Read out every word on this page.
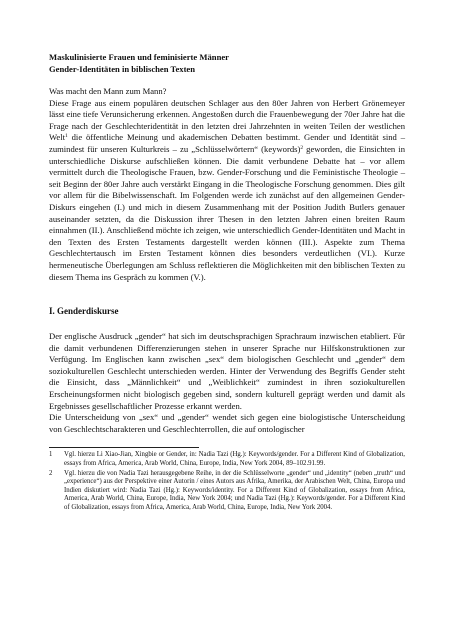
Maskulinisierte Frauen und feminisierte Männer

Gender-Identitäten in biblischen Texten

Was macht den Mann zum Mann?

Diese Frage aus einem populären deutschen Schlager aus den 80er Jahren von Herbert Grönemeyer lässt eine tiefe Verunsicherung erkennen. Angestoßen durch die Frauenbewegung der 70er Jahre hat die Frage nach der Geschlechteridentität in den letzten drei Jahrzehnten in weiten Teilen der westlichen Welt$^1$ die öffentliche Meinung und akademischen Debatten bestimmt. Gender und Identität sind – zumindest für unseren Kulturkreis – zu „Schlüsselwörtern“ (keywords)$^2$ geworden, die Einsichten in unterschiedliche Diskurse aufschließen können. Die damit verbundene Debatte hat – vor allem vermittelt durch die Theologische Frauen, bzw. Gender-Forschung und die Feministische Theologie – seit Beginn der 80er Jahre auch verstärkt Eingang in die Theologische Forschung genommen. Dies gilt vor allem für die Bibelwissenschaft. Im Folgenden werde ich zunächst auf den allgemeinen Gender-Diskurs eingehen (I.) und mich in diesem Zusammenhang mit der Position Judith Butlers genauer auseinander setzten, da die Diskussion ihrer Thesen in den letzten Jahren einen breiten Raum einnahmen (II.). Anschließend möchte ich zeigen, wie unterschiedlich Gender-Identitäten und Macht in den Texten des Ersten Testaments dargestellt werden können (III.). Aspekte zum Thema Geschlechtertausch im Ersten Testament können dies besonders verdeutlichen (VI.). Kurze hermeneutische Überlegungen am Schluss reflektieren die Möglichkeiten mit den biblischen Texten zu diesem Thema ins Gespräch zu kommen (V.).

I. Genderdiskurse

Der englische Ausdruck „gender“ hat sich im deutschsprachigen Sprachraum inzwischen etabliert. Für die damit verbundenen Differenzierungen stehen in unserer Sprache nur Hilfskonstruktionen zur Verfügung. Im Englischen kann zwischen „sex“ dem biologischen Geschlecht und „gender“ dem soziokulturellen Geschlecht unterschieden werden. Hinter der Verwendung des Begriffs Gender steht die Einsicht, dass „Männlichkeit“ und „Weiblichkeit“ zumindest in ihren soziokulturellen Erscheinungsformen nicht biologisch gegeben sind, sondern kulturell geprägt werden und damit als Ergebnisses gesellschaftlicher Prozesse erkannt werden.

Die Unterscheidung von „sex“ und „gender“ wendet sich gegen eine biologistische Unterscheidung von Geschlechtscharakteren und Geschlechterrollen, die auf ontologischer

1	Vgl. hierzu Li Xiao-Jian, Xingbie or Gender, in: Nadia Tazi (Hg.): Keywords/gender. For a Different Kind of Globalization, essays from Africa, America, Arab World, China, Europe, India, New York 2004, 89–102.91.99.
2	Vgl. hierzu die von Nadia Tazi herausgegebene Reihe, in der die Schlüsselworte „gender“ und „identity“ (neben „truth“ und „experience“) aus der Perspektive einer Autorin / eines Autors aus Afrika, Amerika, der Arabischen Welt, China, Europa und Indien diskutiert wird: Nadia Tazi (Hg.): Keywords/identity. For a Different Kind of Globalization, essays from Africa, America, Arab World, China, Europe, India, New York 2004; und Nadia Tazi (Hg.): Keywords/gender. For a Different Kind of Globalization, essays from Africa, America, Arab World, China, Europe, India, New York 2004.
